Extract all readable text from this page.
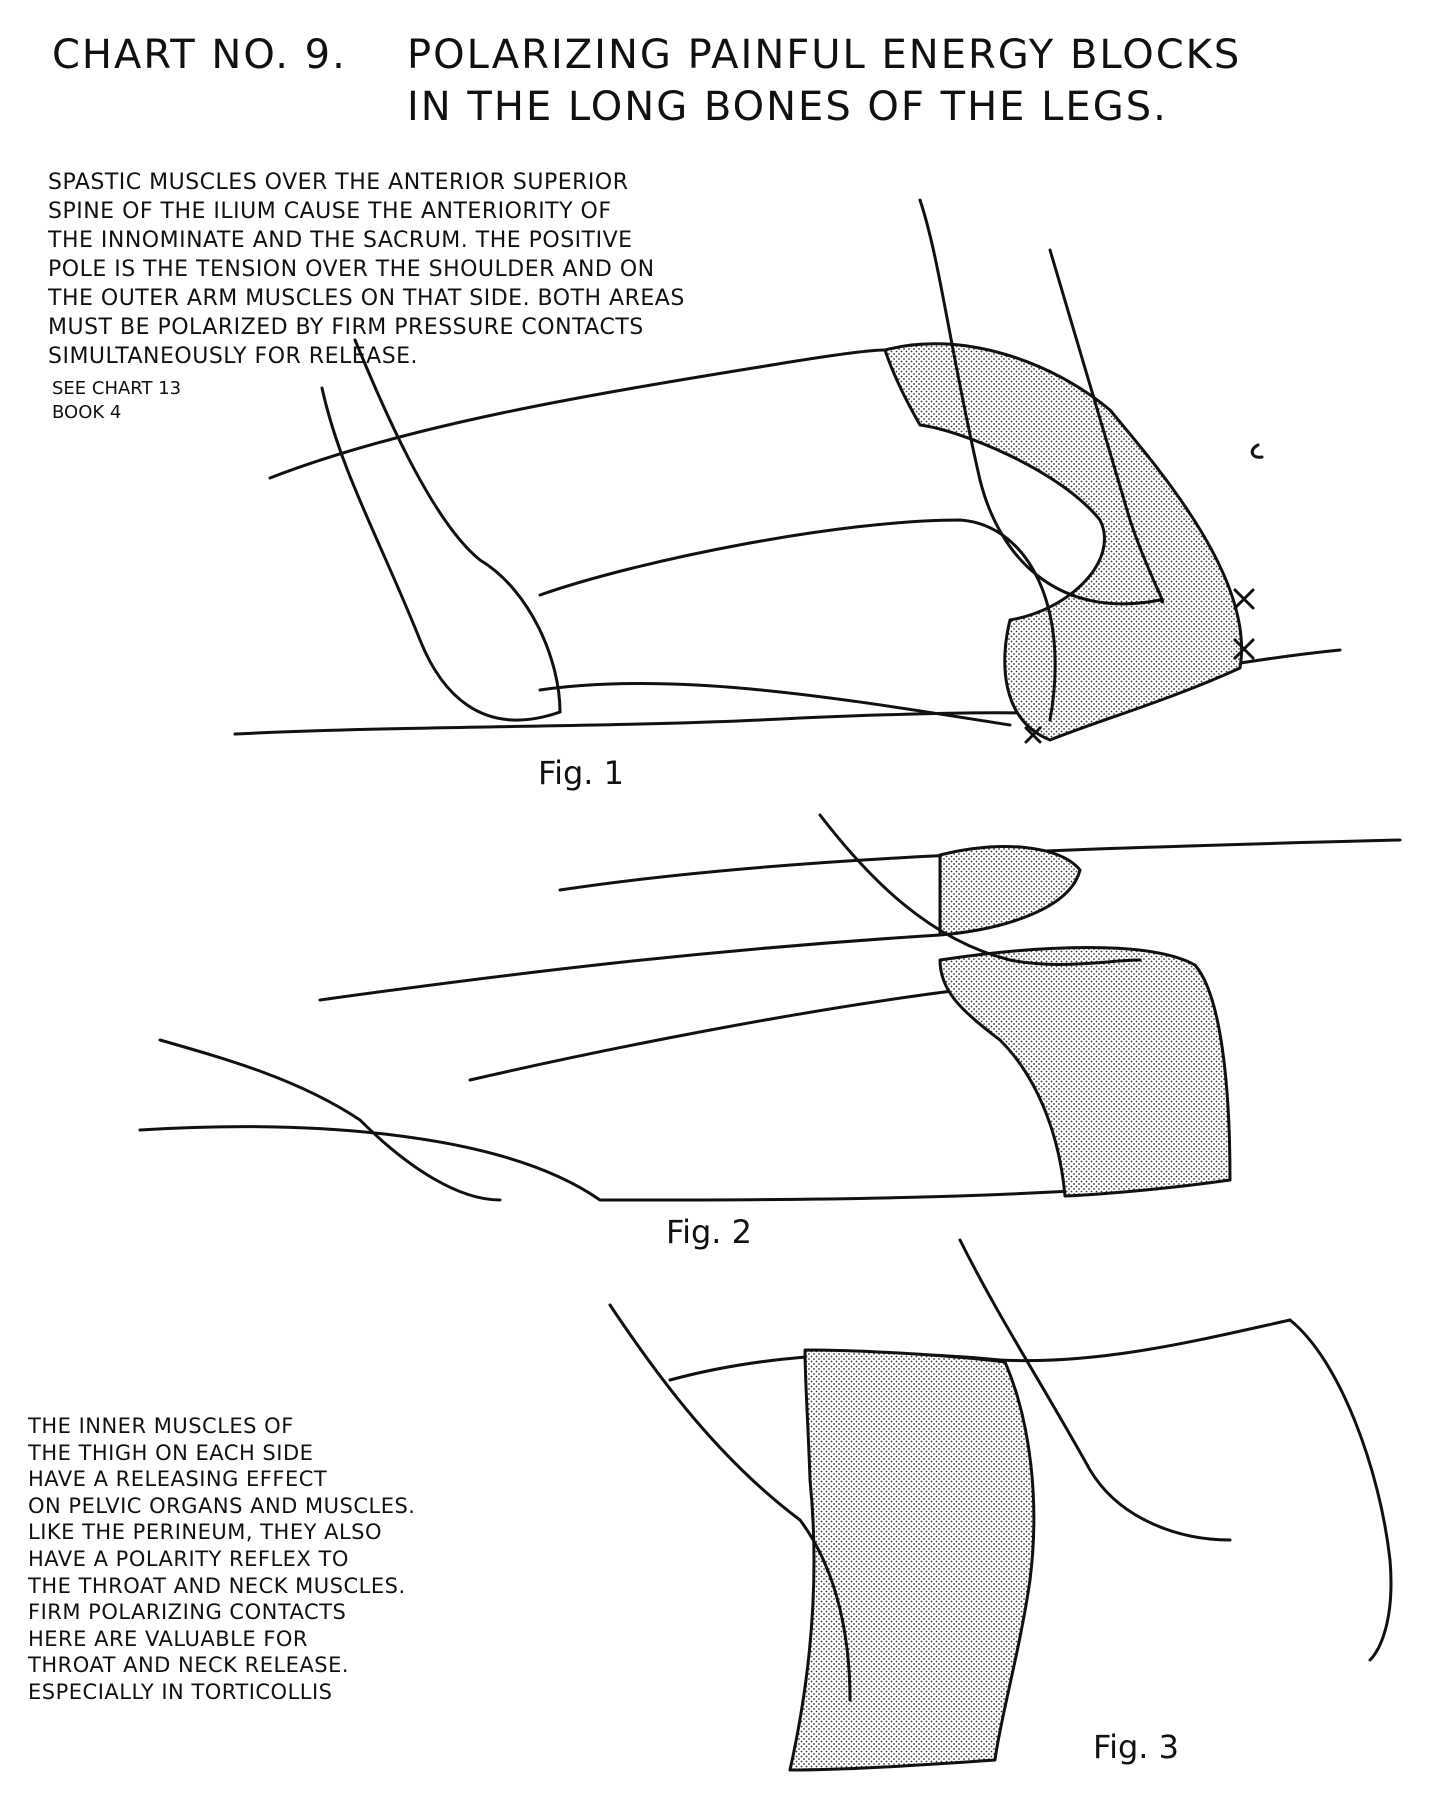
CHART NO. 9. POLARIZING PAINFUL ENERGY BLOCKS
IN THE LONG BONES OF THE LEGS.
SPASTIC MUSCLES OVER THE ANTERIOR SUPERIOR
SPINE OF THE ILIUM CAUSE THE ANTERIORITY OF
THE INNOMINATE AND THE SACRUM. THE POSITIVE
POLE IS THE TENSION OVER THE SHOULDER AND ON
THE OUTER ARM MUSCLES ON THAT SIDE. BOTH AREAS
MUST BE POLARIZED BY FIRM PRESSURE CONTACTS
SIMULTANEOUSLY FOR RELEASE.
SEE CHART 13
BOOK 4
THE INNER MUSCLES OF
THE THIGH ON EACH SIDE
HAVE A RELEASING EFFECT
ON PELVIC ORGANS AND MUSCLES.
LIKE THE PERINEUM, THEY ALSO
HAVE A POLARITY REFLEX TO
THE THROAT AND NECK MUSCLES.
FIRM POLARIZING CONTACTS
HERE ARE VALUABLE FOR
THROAT AND NECK RELEASE.
ESPECIALLY IN TORTICOLLIS
Fig. 1
Fig. 2
Fig. 3
